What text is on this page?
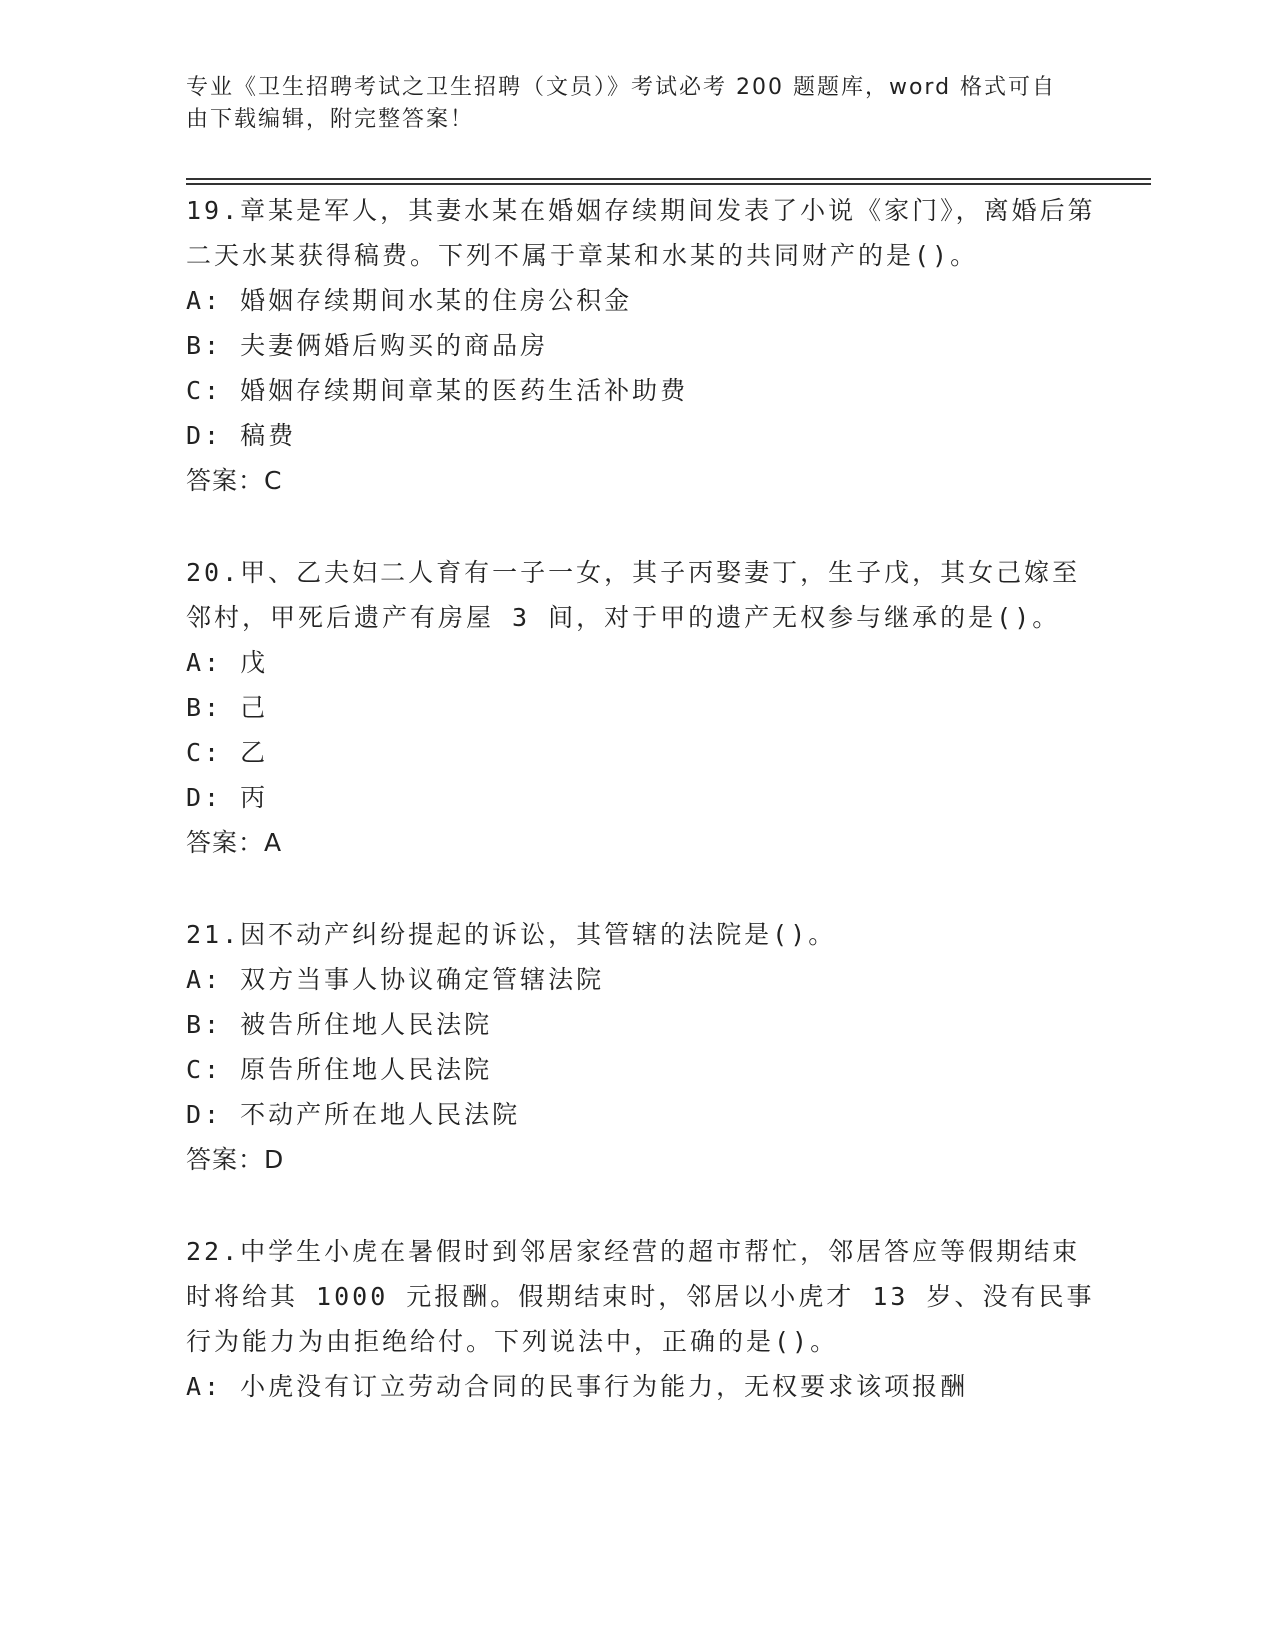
专业《卫生招聘考试之卫生招聘（文员）》考试必考 200 题题库，word 格式可自由下载编辑，附完整答案！
19.章某是军人，其妻水某在婚姻存续期间发表了小说《家门》，离婚后第二天水某获得稿费。下列不属于章某和水某的共同财产的是()。
A: 婚姻存续期间水某的住房公积金
B: 夫妻俩婚后购买的商品房
C: 婚姻存续期间章某的医药生活补助费
D: 稿费
答案：C
20.甲、乙夫妇二人育有一子一女，其子丙娶妻丁，生子戊，其女己嫁至邻村，甲死后遗产有房屋 3 间，对于甲的遗产无权参与继承的是()。
A: 戊
B: 己
C: 乙
D: 丙
答案：A
21.因不动产纠纷提起的诉讼，其管辖的法院是()。
A: 双方当事人协议确定管辖法院
B: 被告所住地人民法院
C: 原告所住地人民法院
D: 不动产所在地人民法院
答案：D
22.中学生小虎在暑假时到邻居家经营的超市帮忙，邻居答应等假期结束时将给其 1000 元报酬。假期结束时，邻居以小虎才 13 岁、没有民事行为能力为由拒绝给付。下列说法中，正确的是()。
A: 小虎没有订立劳动合同的民事行为能力，无权要求该项报酬
